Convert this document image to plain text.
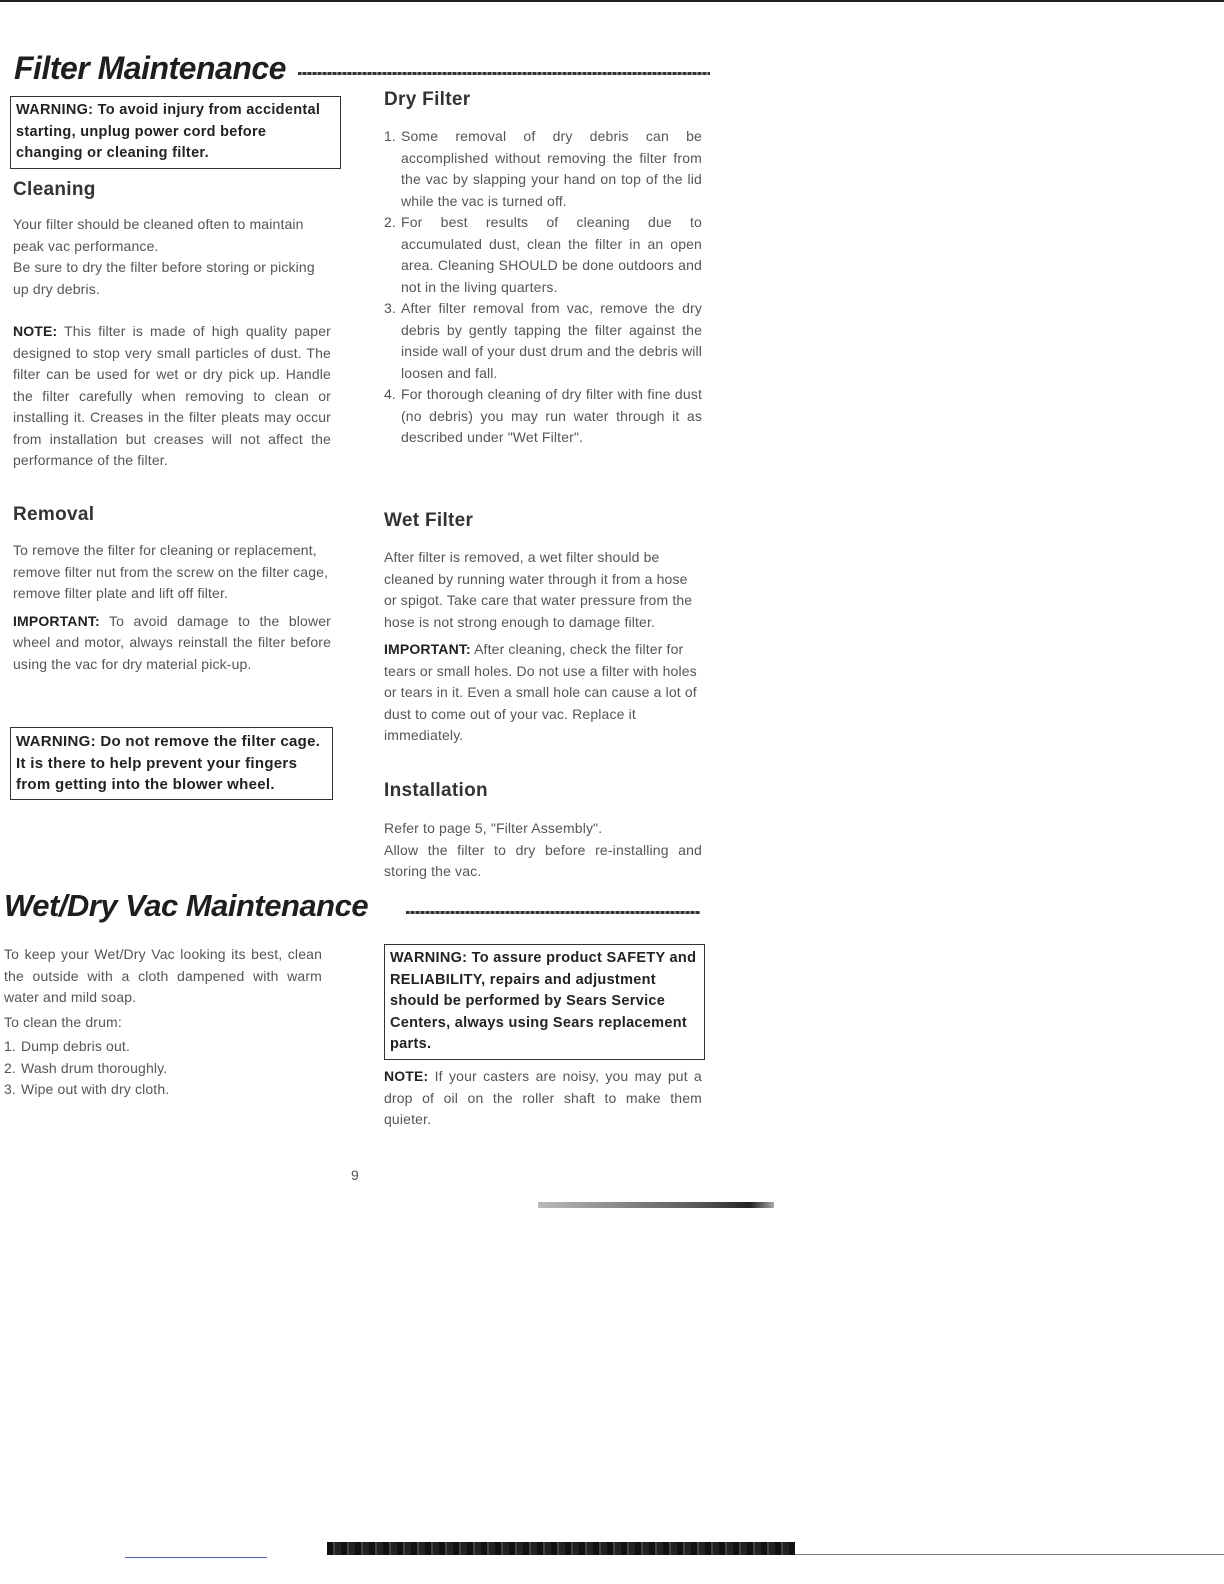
Filter Maintenance
WARNING: To avoid injury from accidental starting, unplug power cord before changing or cleaning filter.
Cleaning

Your filter should be cleaned often to maintain peak vac performance.

Be sure to dry the filter before storing or picking up dry debris.

NOTE: This filter is made of high quality paper designed to stop very small particles of dust. The filter can be used for wet or dry pick up. Handle the filter carefully when removing to clean or installing it. Creases in the filter pleats may occur from installation but creases will not affect the performance of the filter.

Removal

To remove the filter for cleaning or replacement, remove filter nut from the screw on the filter cage, remove filter plate and lift off filter.

IMPORTANT: To avoid damage to the blower wheel and motor, always reinstall the filter before using the vac for dry material pick-up.

WARNING: Do not remove the filter cage. It is there to help prevent your fingers from getting into the blower wheel.
Dry Filter
1. Some removal of dry debris can be accomplished without removing the filter from the vac by slapping your hand on top of the lid while the vac is turned off.
2. For best results of cleaning due to accumulated dust, clean the filter in an open area. Cleaning SHOULD be done outdoors and not in the living quarters.
3. After filter removal from vac, remove the dry debris by gently tapping the filter against the inside wall of your dust drum and the debris will loosen and fall.
4. For thorough cleaning of dry filter with fine dust (no debris) you may run water through it as described under "Wet Filter".
Wet Filter

After filter is removed, a wet filter should be cleaned by running water through it from a hose or spigot. Take care that water pressure from the hose is not strong enough to damage filter.

IMPORTANT: After cleaning, check the filter for tears or small holes. Do not use a filter with holes or tears in it. Even a small hole can cause a lot of dust to come out of your vac. Replace it immediately.

Installation

Refer to page 5, "Filter Assembly".

Allow the filter to dry before re-installing and storing the vac.

Wet/Dry Vac Maintenance

To keep your Wet/Dry Vac looking its best, clean the outside with a cloth dampened with warm water and mild soap.

To clean the drum:

1. Dump debris out.
2. Wash drum thoroughly.
3. Wipe out with dry cloth.
WARNING: To assure product SAFETY and RELIABILITY, repairs and adjustment should be performed by Sears Service Centers, always using Sears replacement parts.
NOTE: If your casters are noisy, you may put a drop of oil on the roller shaft to make them quieter.
9
